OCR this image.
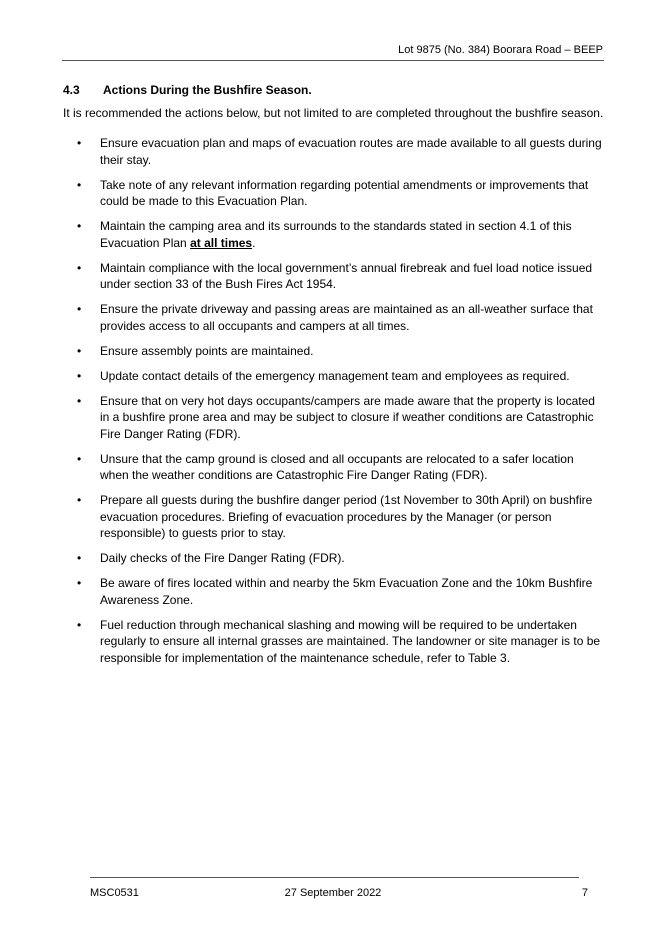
Lot 9875 (No. 384) Boorara Road – BEEP
4.3 Actions During the Bushfire Season.

It is recommended the actions below, but not limited to are completed throughout the bushfire season.

• Ensure evacuation plan and maps of evacuation routes are made available to all guests during their stay.
• Take note of any relevant information regarding potential amendments or improvements that could be made to this Evacuation Plan.
• Maintain the camping area and its surrounds to the standards stated in section 4.1 of this Evacuation Plan at all times.
• Maintain compliance with the local government’s annual firebreak and fuel load notice issued under section 33 of the Bush Fires Act 1954.
• Ensure the private driveway and passing areas are maintained as an all-weather surface that provides access to all occupants and campers at all times.
• Ensure assembly points are maintained.
• Update contact details of the emergency management team and employees as required.
• Ensure that on very hot days occupants/campers are made aware that the property is located in a bushfire prone area and may be subject to closure if weather conditions are Catastrophic Fire Danger Rating (FDR).
• Unsure that the camp ground is closed and all occupants are relocated to a safer location when the weather conditions are Catastrophic Fire Danger Rating (FDR).
• Prepare all guests during the bushfire danger period (1st November to 30th April) on bushfire evacuation procedures. Briefing of evacuation procedures by the Manager (or person responsible) to guests prior to stay.
• Daily checks of the Fire Danger Rating (FDR).
• Be aware of fires located within and nearby the 5km Evacuation Zone and the 10km Bushfire Awareness Zone.
• Fuel reduction through mechanical slashing and mowing will be required to be undertaken regularly to ensure all internal grasses are maintained. The landowner or site manager is to be responsible for implementation of the maintenance schedule, refer to Table 3.
MSC0531	27 September 2022	7
